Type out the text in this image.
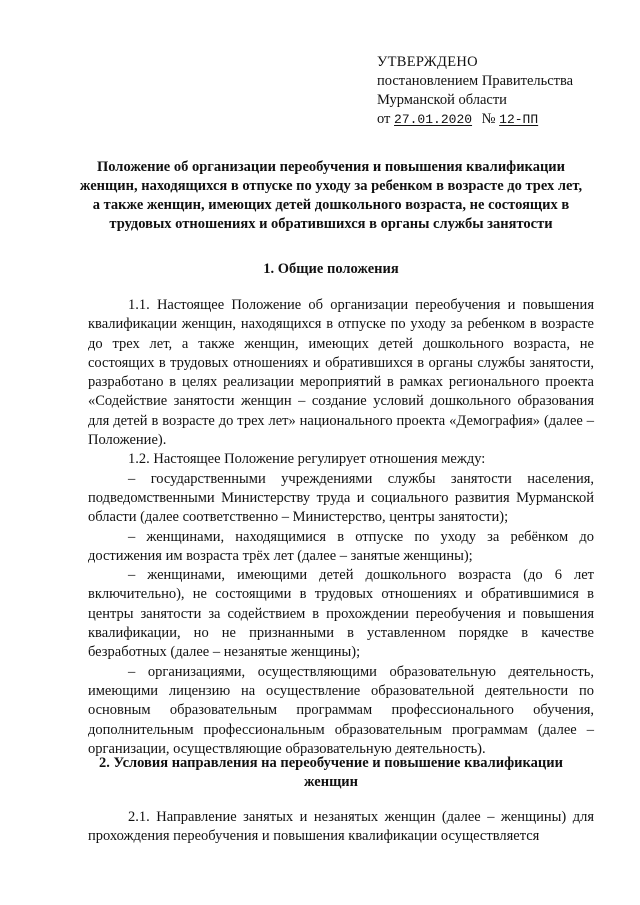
УТВЕРЖДЕНО
постановлением Правительства
Мурманской области
от 27.01.2020 № 12-ПП
Положение об организации переобучения и повышения квалификации женщин, находящихся в отпуске по уходу за ребенком в возрасте до трех лет, а также женщин, имеющих детей дошкольного возраста, не состоящих в трудовых отношениях и обратившихся в органы службы занятости
1. Общие положения

1.1. Настоящее Положение об организации переобучения и повышения квалификации женщин, находящихся в отпуске по уходу за ребенком в возрасте до трех лет, а также женщин, имеющих детей дошкольного возраста, не состоящих в трудовых отношениях и обратившихся в органы службы занятости, разработано в целях реализации мероприятий в рамках регионального проекта «Содействие занятости женщин – создание условий дошкольного образования для детей в возрасте до трех лет» национального проекта «Демография» (далее – Положение).

1.2. Настоящее Положение регулирует отношения между:

– государственными учреждениями службы занятости населения, подведомственными Министерству труда и социального развития Мурманской области (далее соответственно – Министерство, центры занятости);

– женщинами, находящимися в отпуске по уходу за ребёнком до достижения им возраста трёх лет (далее – занятые женщины);

– женщинами, имеющими детей дошкольного возраста (до 6 лет включительно), не состоящими в трудовых отношениях и обратившимися в центры занятости за содействием в прохождении переобучения и повышения квалификации, но не признанными в уставленном порядке в качестве безработных (далее – незанятые женщины);

– организациями, осуществляющими образовательную деятельность, имеющими лицензию на осуществление образовательной деятельности по основным образовательным программам профессионального обучения, дополнительным профессиональным образовательным программам (далее – организации, осуществляющие образовательную деятельность).

2. Условия направления на переобучение и повышение квалификации женщин

2.1. Направление занятых и незанятых женщин (далее – женщины) для прохождения переобучения и повышения квалификации осуществляется
